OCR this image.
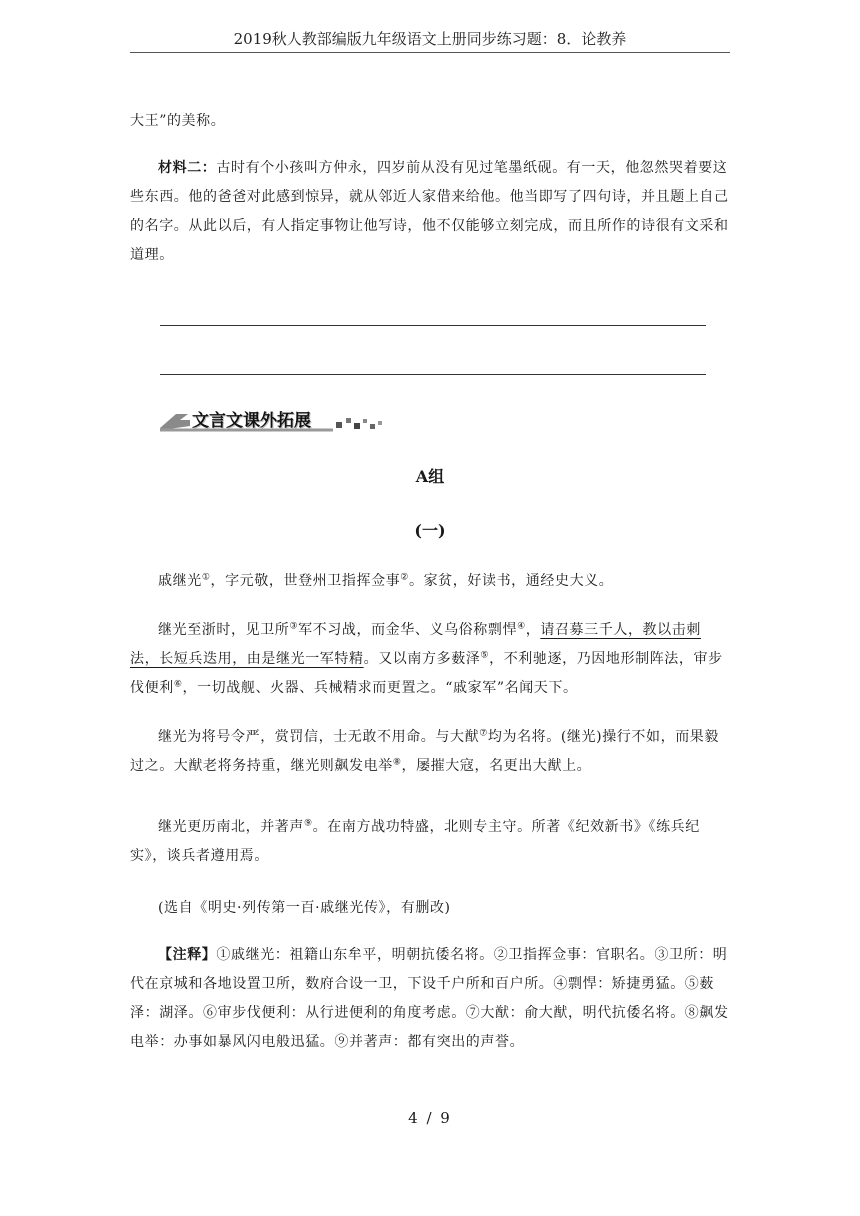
2019秋人教部编版九年级语文上册同步练习题：8．论教养
大王”的美称。
材料二：古时有个小孩叫方仲永，四岁前从没有见过笔墨纸砚。有一天，他忽然哭着要这些东西。他的爸爸对此感到惊异，就从邻近人家借来给他。他当即写了四句诗，并且题上自己的名字。从此以后，有人指定事物让他写诗，他不仅能够立刻完成，而且所作的诗很有文采和道理。
文言文课外拓展
A组
(一)
戚继光①，字元敬，世登州卫指挥佥事②。家贫，好读书，通经史大义。
继光至浙时，见卫所③军不习战，而金华、义乌俗称剽悍④，请召募三千人，教以击刺法，长短兵迭用，由是继光一军特精。又以南方多薮泽⑤，不利驰逐，乃因地形制阵法，审步伐便利⑥，一切战舰、火器、兵械精求而更置之。“戚家军”名闻天下。
继光为将号令严，赏罚信，士无敢不用命。与大猷⑦均为名将。(继光)操行不如，而果毅过之。大猷老将务持重，继光则飙发电举⑧，屡摧大寇，名更出大猷上。
继光更历南北，并著声⑨。在南方战功特盛，北则专主守。所著《纪效新书》《练兵纪实》，谈兵者遵用焉。
(选自《明史·列传第一百·戚继光传》，有删改)
【注释】①戚继光：祖籍山东牟平，明朝抗倭名将。②卫指挥佥事：官职名。③卫所：明代在京城和各地设置卫所，数府合设一卫，下设千户所和百户所。④剽悍：矫捷勇猛。⑤薮泽：湖泽。⑥审步伐便利：从行进便利的角度考虑。⑦大猷：俞大猷，明代抗倭名将。⑧飙发电举：办事如暴风闪电般迅猛。⑨并著声：都有突出的声誉。
4 / 9
